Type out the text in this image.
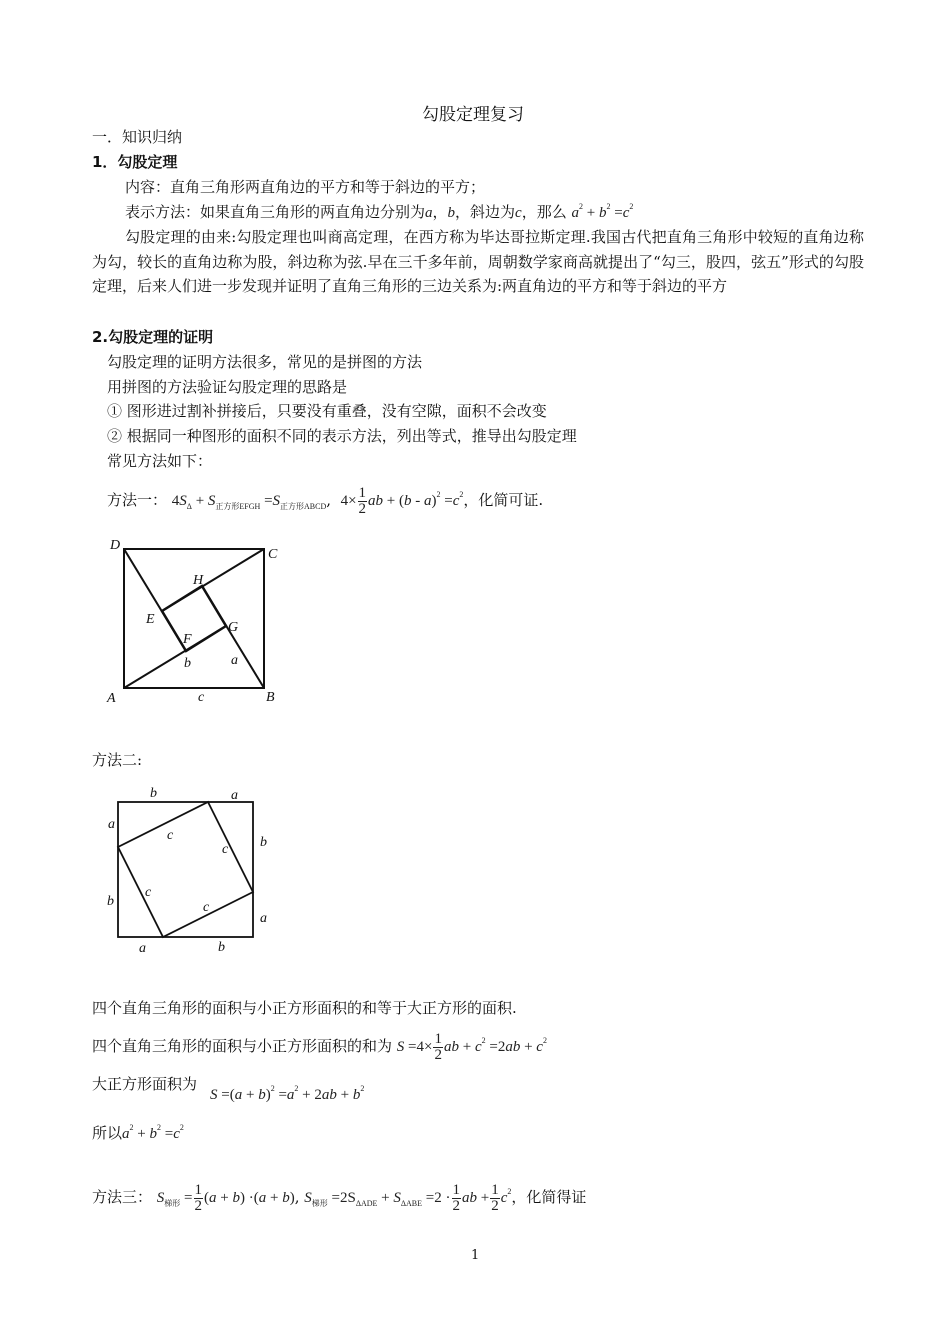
勾股定理复习
一．知识归纳
1．勾股定理
内容：直角三角形两直角边的平方和等于斜边的平方；
表示方法：如果直角三角形的两直角边分别为a，b，斜边为c，那么 $a^2 + b^2 =c^2$
勾股定理的由来:勾股定理也叫商高定理，在西方称为毕达哥拉斯定理.我国古代把直角三角形中较短的直角边称为勾，较长的直角边称为股，斜边称为弦.早在三千多年前，周朝数学家商高就提出了“勾三，股四，弦五”形式的勾股定理，后来人们进一步发现并证明了直角三角形的三边关系为:两直角边的平方和等于斜边的平方
2.勾股定理的证明
勾股定理的证明方法很多，常见的是拼图的方法
用拼图的方法验证勾股定理的思路是
① 图形进过割补拼接后，只要没有重叠，没有空隙，面积不会改变
② 根据同一种图形的面积不同的表示方法，列出等式，推导出勾股定理
常见方法如下：
方法一： $4S_\Delta + S_{正方形EFGH} =S_{正方形ABCD}$,  $4\times \frac{1}{2}$ ab + $(b - a)^2 =c^2$，化简可证.
D
C
A	B
H
E
G
F
b	a
c
方法二:
b	a
b
a
a	b
a
b
c
c
c
c
四个直角三角形的面积与小正方形面积的和等于大正方形的面积.
四个直角三角形的面积与小正方形面积的和为 $S =4\times \frac{1}{2}$ ab + $c^2 =2ab + c^2$
大正方形面积为
$S =(a + b)^2 =a^2 + 2ab + b^2$
所以$a^2 + b^2 =c^2$
方法三： $S_{梯形} = \frac{1}{2} (a + b) \cdot(a + b)$, $S_{梯形} =2S_{\Delta ADE} + S_{\Delta ABE} =2 \cdot \frac{1}{2}$ ab + $\frac{1}{2} c^2$，化简得证
1
